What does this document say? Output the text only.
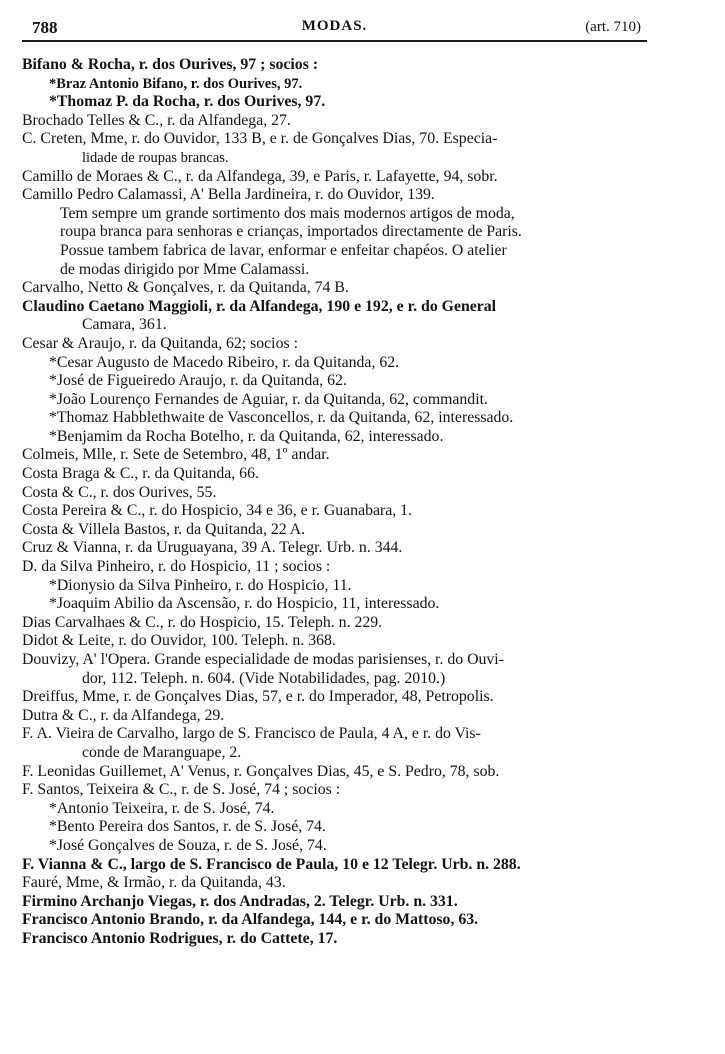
788	MODAS.	(art. 710)
Bifano & Rocha, r. dos Ourives, 97 ; socios :
*Braz Antonio Bifano, r. dos Ourives, 97.
*Thomaz P. da Rocha, r. dos Ourives, 97.
Brochado Telles & C., r. da Alfandega, 27.
C. Creten, Mme, r. do Ouvidor, 133 B, e r. de Gonçalves Dias, 70. Especia-
lidade de roupas brancas.
Camillo de Moraes & C., r. da Alfandega, 39, e Paris, r. Lafayette, 94, sobr.
Camillo Pedro Calamassi, A' Bella Jardineira, r. do Ouvidor, 139.
Tem sempre um grande sortimento dos mais modernos artigos de moda,
roupa branca para senhoras e crianças, importados directamente de Paris.
Possue tambem fabrica de lavar, enformar e enfeitar chapéos. O atelier
de modas dirigido por Mme Calamassi.
Carvalho, Netto & Gonçalves, r. da Quitanda, 74 B.
Claudino Caetano Maggioli, r. da Alfandega, 190 e 192, e r. do General
Camara, 361.
Cesar & Araujo, r. da Quitanda, 62; socios :
*Cesar Augusto de Macedo Ribeiro, r. da Quitanda, 62.
*José de Figueiredo Araujo, r. da Quitanda, 62.
*João Lourenço Fernandes de Aguiar, r. da Quitanda, 62, commandit.
*Thomaz Habblethwaite de Vasconcellos, r. da Quitanda, 62, interessado.
*Benjamim da Rocha Botelho, r. da Quitanda, 62, interessado.
Colmeis, Mlle, r. Sete de Setembro, 48, 1º andar.
Costa Braga & C., r. da Quitanda, 66.
Costa & C., r. dos Ourives, 55.
Costa Pereira & C., r. do Hospicio, 34 e 36, e r. Guanabara, 1.
Costa & Villela Bastos, r. da Quitanda, 22 A.
Cruz & Vianna, r. da Uruguayana, 39 A. Telegr. Urb. n. 344.
D. da Silva Pinheiro, r. do Hospicio, 11 ; socios :
*Dionysio da Silva Pinheiro, r. do Hospicio, 11.
*Joaquim Abilio da Ascensão, r. do Hospicio, 11, interessado.
Dias Carvalhaes & C., r. do Hospicio, 15. Teleph. n. 229.
Didot & Leite, r. do Ouvidor, 100. Teleph. n. 368.
Douvizy, A' l'Opera. Grande especialidade de modas parisienses, r. do Ouvi-
dor, 112. Teleph. n. 604. (Vide Notabilidades, pag. 2010.)
Dreiffus, Mme, r. de Gonçalves Dias, 57, e r. do Imperador, 48, Petropolis.
Dutra & C., r. da Alfandega, 29.
F. A. Vieira de Carvalho, largo de S. Francisco de Paula, 4 A, e r. do Vis-
conde de Maranguape, 2.
F. Leonidas Guillemet, A' Venus, r. Gonçalves Dias, 45, e S. Pedro, 78, sob.
F. Santos, Teixeira & C., r. de S. José, 74 ; socios :
*Antonio Teixeira, r. de S. José, 74.
*Bento Pereira dos Santos, r. de S. José, 74.
*José Gonçalves de Souza, r. de S. José, 74.
F. Vianna & C., largo de S. Francisco de Paula, 10 e 12 Telegr. Urb. n. 288.
Fauré, Mme, & Irmão, r. da Quitanda, 43.
Firmino Archanjo Viegas, r. dos Andradas, 2. Telegr. Urb. n. 331.
Francisco Antonio Brando, r. da Alfandega, 144, e r. do Mattoso, 63.
Francisco Antonio Rodrigues, r. do Cattete, 17.
